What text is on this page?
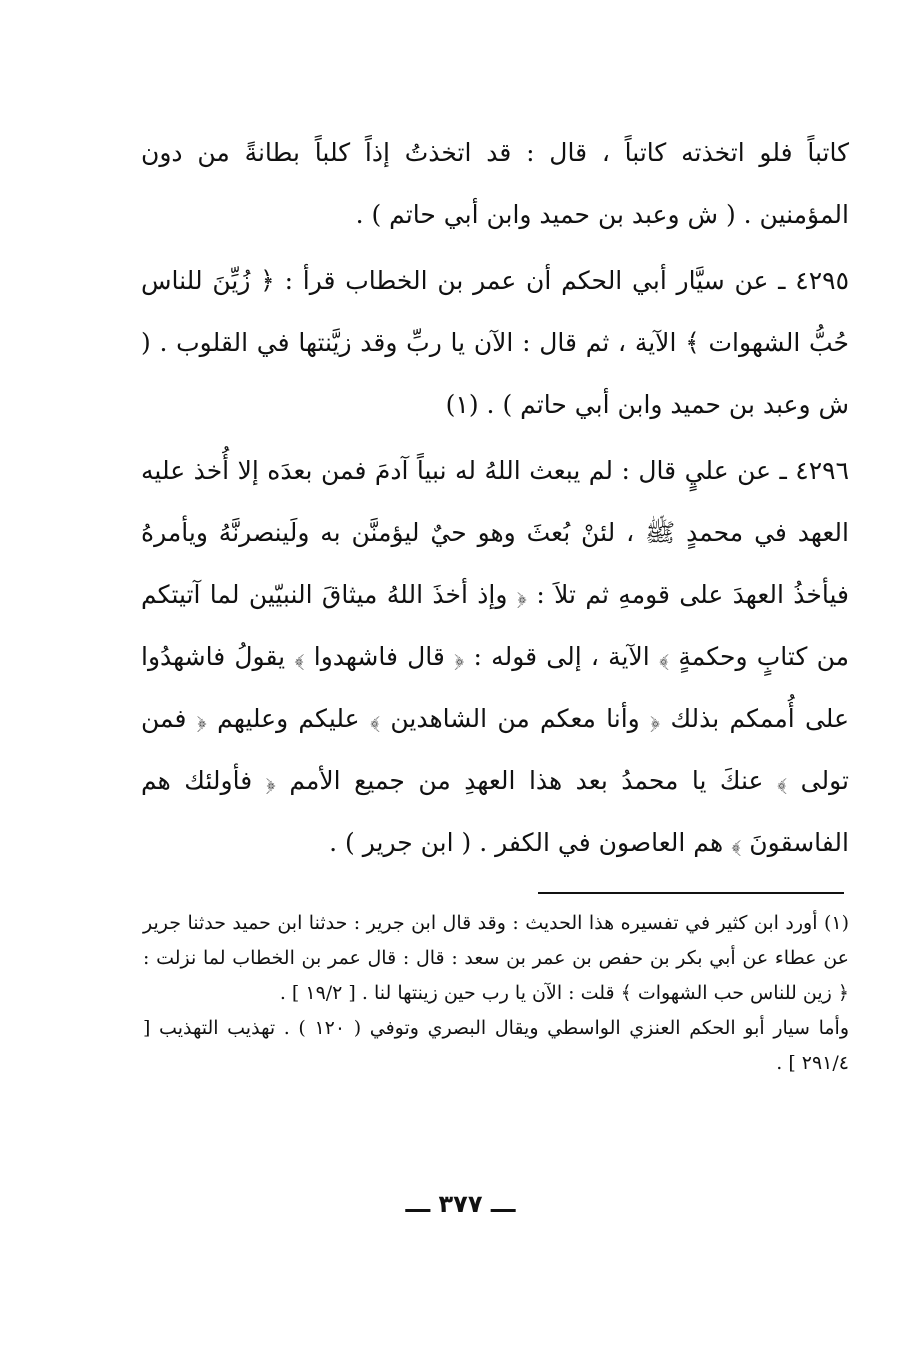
كاتباً فلو اتخذته كاتباً ، قال : قد اتخذتُ إذاً كلباً بطانةً من دون المؤمنين . ( ش وعبد بن حميد وابن أبي حاتم ) .

٤٢٩٥ ـ عن سيَّار أبي الحكم أن عمر بن الخطاب قرأ : ﴿ زُيِّنَ للناس حُبُّ الشهوات ﴾ الآية ، ثم قال : الآن يا ربِّ وقد زيَّنتها في القلوب . ( ش وعبد بن حميد وابن أبي حاتم ) . (١)

٤٢٩٦ ـ عن عليٍ قال : لم يبعث اللهُ له نبياً آدمَ فمن بعدَه إلا أُخذ عليه العهد في محمدٍ ﷺ ، لئنْ بُعثَ وهو حيٌ ليؤمنَّن به ولَينصرنَّهُ ويأمرهُ فيأخذُ العهدَ على قومهِ ثم تلاَ : ﴿ وإذ أخذَ اللهُ ميثاقَ النبيّين لما آتيتكم من كتابٍ وحكمةٍ ﴾ الآية ، إلى قوله : ﴿ قال فاشهدوا ﴾ يقولُ فاشهدُوا على أُممكم بذلك ﴿ وأنا معكم من الشاهدين ﴾ عليكم وعليهم ﴿ فمن تولى ﴾ عنكَ يا محمدُ بعد هذا العهدِ من جميع الأمم ﴿ فأولئك هم الفاسقونَ ﴾ هم العاصون في الكفر . ( ابن جرير ) .

(١) أورد ابن كثير في تفسيره هذا الحديث : وقد قال ابن جرير : حدثنا ابن حميد حدثنا جرير عن عطاء عن أبي بكر بن حفص بن عمر بن سعد : قال : قال عمر بن الخطاب لما نزلت : ﴿ زين للناس حب الشهوات ﴾ قلت : الآن يا رب حين زينتها لنا . [ ١٩/٢ ] .

وأما سيار أبو الحكم العنزي الواسطي ويقال البصري وتوفي ( ١٢٠ ) . تهذيب التهذيب [ ٢٩١/٤ ] .

ـــ ٣٧٧ ـــ
